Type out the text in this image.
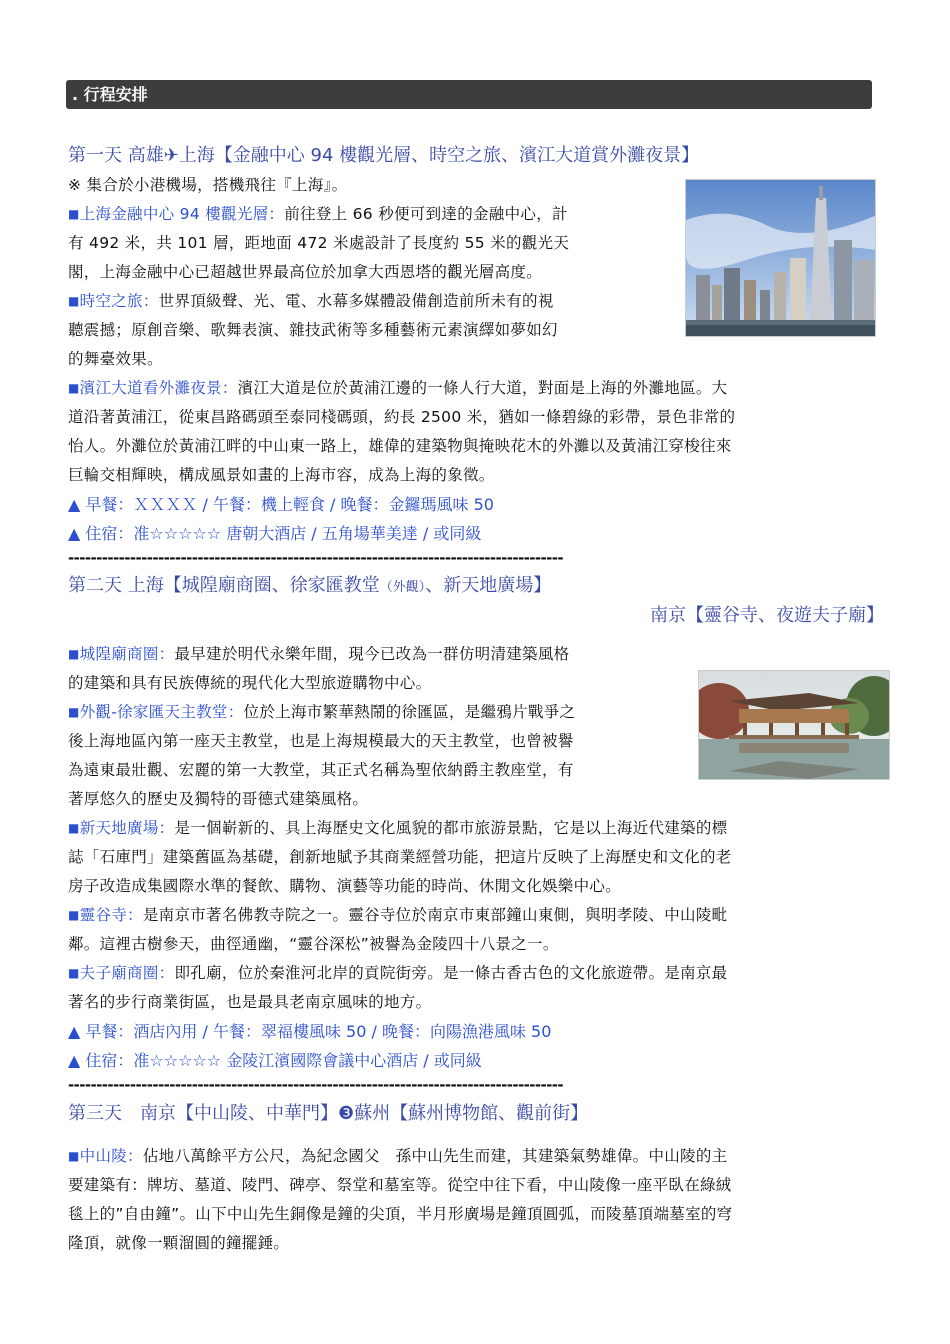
. 行程安排
第一天 高雄✈上海【金融中心 94 樓觀光層、時空之旅、濱江大道賞外灘夜景】
※ 集合於小港機場，搭機飛往『上海』。
■上海金融中心 94 樓觀光層：前往登上 66 秒便可到達的金融中心，計
有 492 米，共 101 層，距地面 472 米處設計了長度約 55 米的觀光天
閣，上海金融中心已超越世界最高位於加拿大西恩塔的觀光層高度。
■時空之旅：世界頂級聲、光、電、水幕多媒體設備創造前所未有的視
聽震撼；原創音樂、歌舞表演、雜技武術等多種藝術元素演繹如夢如幻
的舞臺效果。
■濱江大道看外灘夜景：濱江大道是位於黃浦江邊的一條人行大道，對面是上海的外灘地區。大
道沿著黃浦江，從東昌路碼頭至泰同棧碼頭，約長 2500 米，猶如一條碧綠的彩帶，景色非常的
怡人。外灘位於黃浦江畔的中山東一路上，雄偉的建築物與掩映花木的外灘以及黃浦江穿梭往來
巨輪交相輝映，構成風景如畫的上海市容，成為上海的象徵。
▲ 早餐：ＸＸＸＸ / 午餐：機上輕食 / 晚餐：金鑼瑪風味 50
▲ 住宿：准☆☆☆☆☆ 唐朝大酒店 / 五角場華美達 / 或同級
----------------------------------------------------------------------------------------
第二天 上海【城隍廟商圈、徐家匯教堂（外觀）、新天地廣場】
南京【靈谷寺、夜遊夫子廟】
■城隍廟商圈：最早建於明代永樂年間，現今已改為一群仿明清建築風格
的建築和具有民族傳統的現代化大型旅遊購物中心。
■外觀-徐家匯天主教堂：位於上海市繁華熱鬧的徐匯區，是繼鴉片戰爭之
後上海地區內第一座天主教堂，也是上海規模最大的天主教堂，也曾被譽
為遠東最壯觀、宏麗的第一大教堂，其正式名稱為聖依納爵主教座堂，有
著厚悠久的歷史及獨特的哥德式建築風格。
■新天地廣場：是一個嶄新的、具上海歷史文化風貌的都市旅游景點，它是以上海近代建築的標
誌「石庫門」建築舊區為基礎，創新地賦予其商業經營功能，把這片反映了上海歷史和文化的老
房子改造成集國際水準的餐飲、購物、演藝等功能的時尚、休閒文化娛樂中心。
■靈谷寺：是南京市著名佛教寺院之一。靈谷寺位於南京市東部鐘山東側，與明孝陵、中山陵毗
鄰。這裡古樹參天，曲徑通幽，“靈谷深松”被譽為金陵四十八景之一。
■夫子廟商圈：即孔廟，位於秦淮河北岸的貢院街旁。是一條古香古色的文化旅遊帶。是南京最
著名的步行商業街區，也是最具老南京風味的地方。
▲ 早餐：酒店內用 / 午餐：翠福樓風味 50 / 晚餐：向陽漁港風味 50
▲ 住宿：准☆☆☆☆☆ 金陵江濱國際會議中心酒店 / 或同級
----------------------------------------------------------------------------------------
第三天　南京【中山陵、中華門】❸蘇州【蘇州博物館、觀前街】
■中山陵：佔地八萬餘平方公尺，為紀念國父　孫中山先生而建，其建築氣勢雄偉。中山陵的主
要建築有：牌坊、墓道、陵門、碑亭、祭堂和墓室等。從空中往下看，中山陵像一座平臥在綠絨
毯上的”自由鐘”。山下中山先生銅像是鐘的尖頂，半月形廣場是鐘頂圓弧，而陵墓頂端墓室的穹
隆頂，就像一顆溜圓的鐘擺錘。
